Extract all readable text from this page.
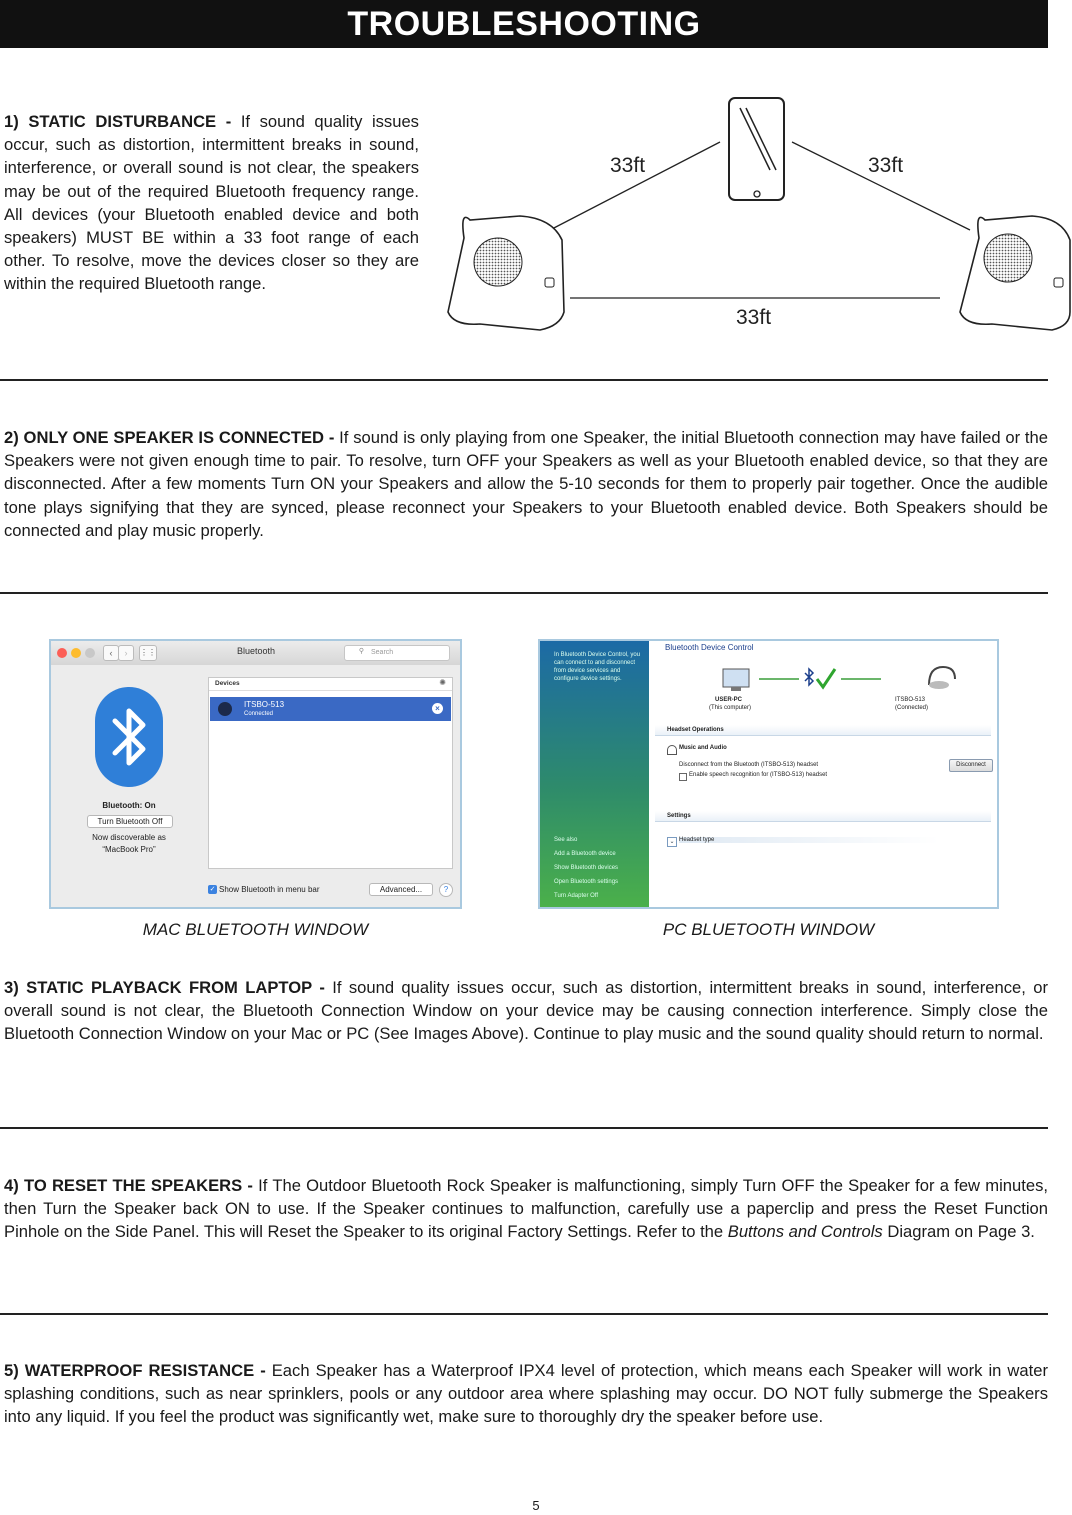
TROUBLESHOOTING

1) STATIC DISTURBANCE - If sound quality issues occur, such as distortion, intermittent breaks in sound, interference, or overall sound is not clear, the speakers may be out of the required Bluetooth frequency range. All devices (your Bluetooth enabled device and both speakers) MUST BE within a 33 foot range of each other. To resolve, move the devices closer so they are within the required Bluetooth range.

33ft	33ft
33ft

2) ONLY ONE SPEAKER IS CONNECTED - If sound is only playing from one Speaker, the initial Bluetooth connection may have failed or the Speakers were not given enough time to pair. To resolve, turn OFF your Speakers as well as your Bluetooth enabled device, so that they are disconnected. After a few moments Turn ON your Speakers and allow the 5-10 seconds for them to properly pair together. Once the audible tone plays signifying that they are synced, please reconnect your Speakers to your Bluetooth enabled device. Both Speakers should be connected and play music properly.

‹	›	⋮⋮	Bluetooth	Search
⚲
Bluetooth: On
Turn Bluetooth Off
Now discoverable as
“MacBook Pro”
Devices	✺
ITSBO-513
Connected
×
✓ Show Bluetooth in menu bar	Advanced...	?
In Bluetooth Device Control, you can connect to and disconnect from device services and configure device settings.
See also
Add a Bluetooth device
Show Bluetooth devices
Open Bluetooth settings
Turn Adapter Off
Bluetooth Device Control
USER-PC
(This computer)
ITSBO-513
(Connected)
Headset Operations
Music and Audio
Disconnect from the Bluetooth (ITSBO-513) headset
Enable speech recognition for (ITSBO-513) headset
Disconnect
Settings
⌄ Headset type
MAC BLUETOOTH WINDOW	PC BLUETOOTH WINDOW

3) STATIC PLAYBACK FROM LAPTOP - If sound quality issues occur, such as distortion, intermittent breaks in sound, interference, or overall sound is not clear, the Bluetooth Connection Window on your device may be causing connection interference. Simply close the Bluetooth Connection Window on your Mac or PC (See Images Above). Continue to play music and the sound quality should return to normal.

4) TO RESET THE SPEAKERS - If The Outdoor Bluetooth Rock Speaker is malfunctioning, simply Turn OFF the Speaker for a few minutes, then Turn the Speaker back ON to use. If the Speaker continues to malfunction, carefully use a paperclip and press the Reset Function Pinhole on the Side Panel. This will Reset the Speaker to its original Factory Settings. Refer to the Buttons and Controls Diagram on Page 3.

5) WATERPROOF RESISTANCE - Each Speaker has a Waterproof IPX4 level of protection, which means each Speaker will work in water splashing conditions, such as near sprinklers, pools or any outdoor area where splashing may occur. DO NOT fully submerge the Speakers into any liquid. If you feel the product was significantly wet, make sure to thoroughly dry the speaker before use.

5
